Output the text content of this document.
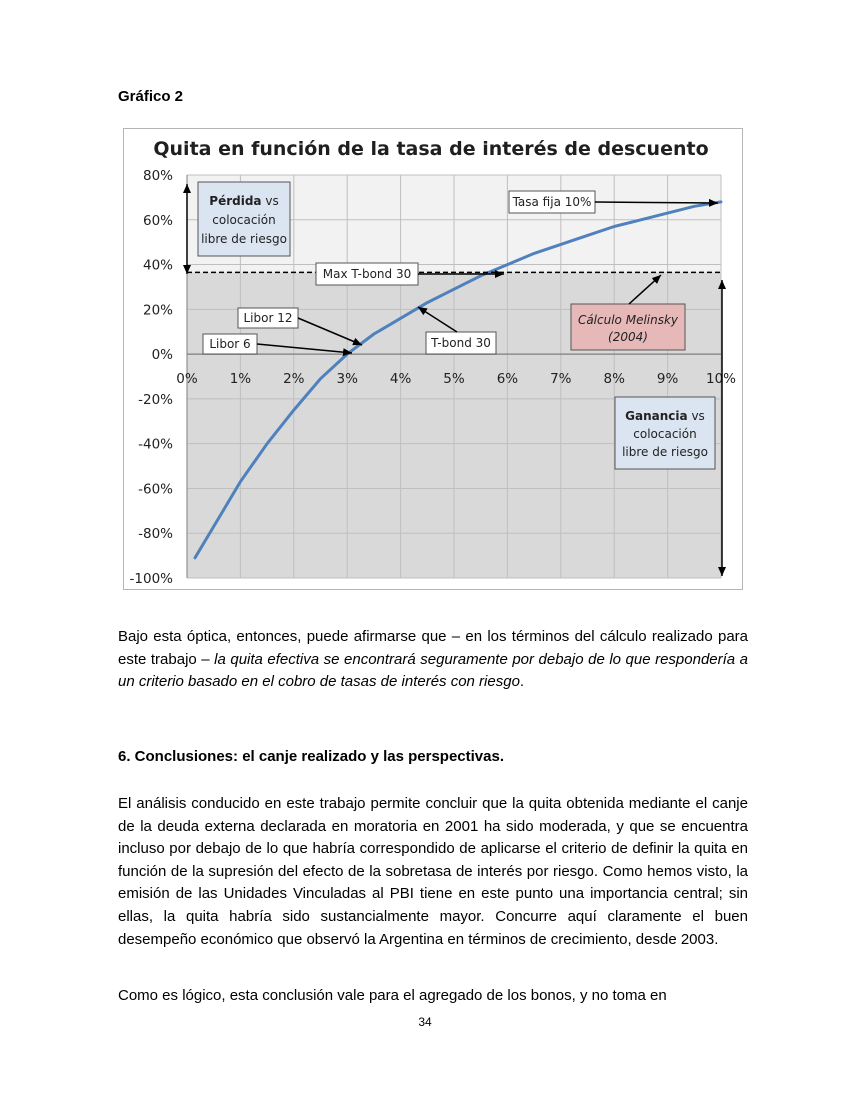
Gráfico 2
Quita en función de la tasa de interés de descuento
0% 1% 2% 3% 4% 5% 6% 7% 8% 9% 10%
80%
60%
40%
20%
0%
-20%
-40%
-60%
-80%
-100%
Pérdida vs
colocación
libre de riesgo
Ganancia vs
colocación
libre de riesgo
Tasa fija 10%
Max T-bond 30
Libor 12
Libor 6	T-bond 30
Cálculo Melinsky
(2004)

Bajo esta óptica, entonces, puede afirmarse que – en los términos del cálculo realizado para este trabajo – la quita efectiva se encontrará seguramente por debajo de lo que respondería a un criterio basado en el cobro de tasas de interés con riesgo.

6. Conclusiones: el canje realizado y las perspectivas.

El análisis conducido en este trabajo permite concluir que la quita obtenida mediante el canje de la deuda externa declarada en moratoria en 2001 ha sido moderada, y que se encuentra incluso por debajo de lo que habría correspondido de aplicarse el criterio de definir la quita en función de la supresión del efecto de la sobretasa de interés por riesgo. Como hemos visto, la emisión de las Unidades Vinculadas al PBI tiene en este punto una importancia central; sin ellas, la quita habría sido sustancialmente mayor. Concurre aquí claramente el buen desempeño económico que observó la Argentina en términos de crecimiento, desde 2003.

Como es lógico, esta conclusión vale para el agregado de los bonos, y no toma en

34
